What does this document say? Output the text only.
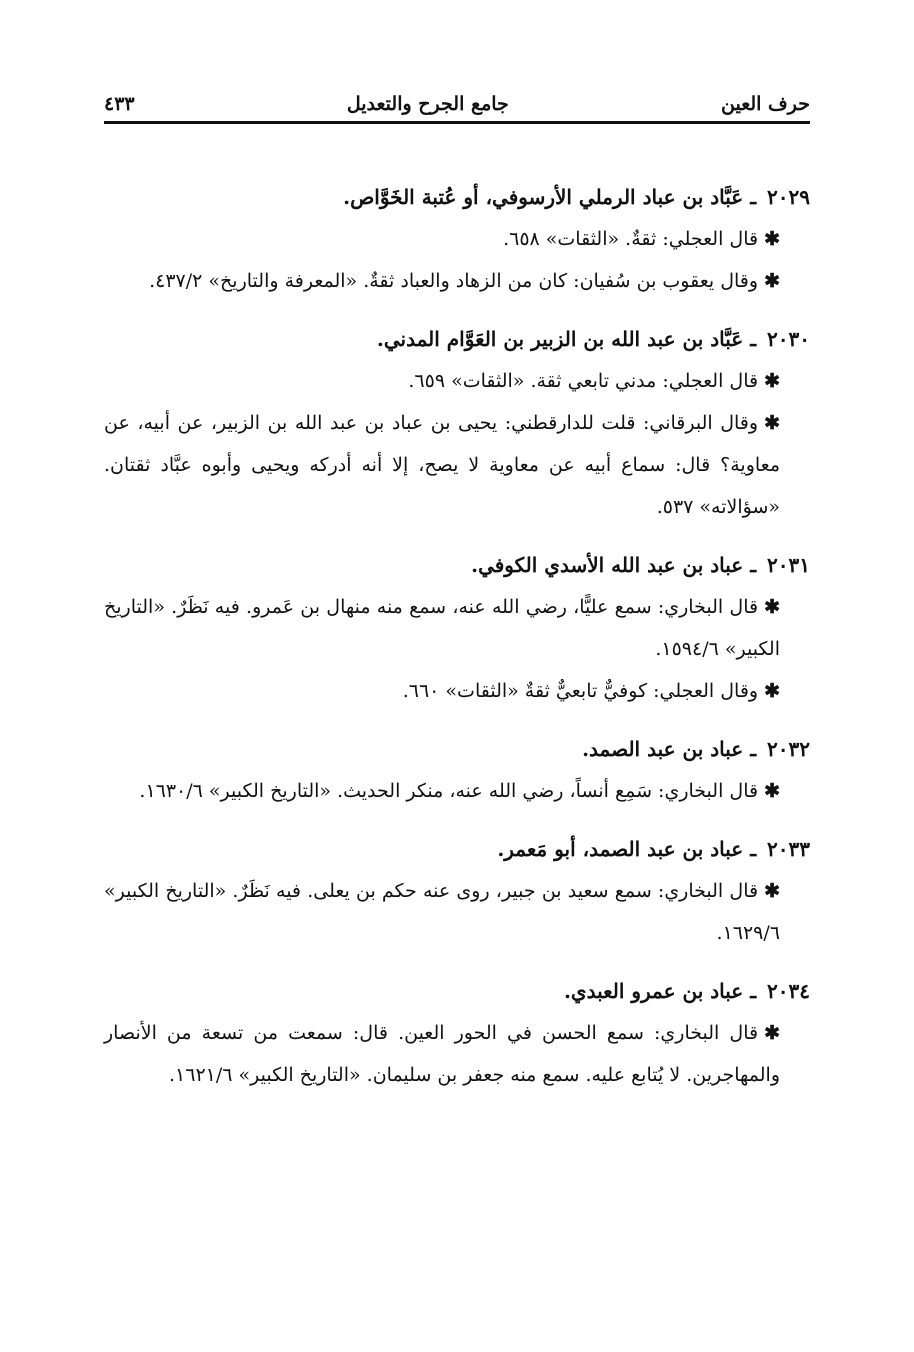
حرف العين
جامع الجرح والتعديل
٤٣٣
٢٠٢٩ ـ عَبَّاد بن عباد الرملي الأرسوفي، أو عُتبة الخَوَّاص.

✱قال العجلي: ثقةٌ. «الثقات» ٦٥٨.

✱وقال يعقوب بن سُفيان: كان من الزهاد والعباد ثقةٌ. «المعرفة والتاريخ» ٤٣٧/٢.

٢٠٣٠ ـ عَبَّاد بن عبد الله بن الزبير بن العَوَّام المدني.

✱قال العجلي: مدني تابعي ثقة. «الثقات» ٦٥٩.

✱وقال البرقاني: قلت للدارقطني: يحيى بن عباد بن عبد الله بن الزبير، عن أبيه، عن معاوية؟ قال: سماع أبيه عن معاوية لا يصح، إلا أنه أدركه ويحيى وأبوه عبَّاد ثقتان. «سؤالاته» ٥٣٧.

٢٠٣١ ـ عباد بن عبد الله الأسدي الكوفي.

✱قال البخاري: سمع عليًّا، رضي الله عنه، سمع منه منهال بن عَمرو. فيه نَظَرٌ. «التاريخ الكبير» ١٥٩٤/٦.

✱وقال العجلي: كوفيٌّ تابعيٌّ ثقةٌ «الثقات» ٦٦٠.

٢٠٣٢ ـ عباد بن عبد الصمد.

✱قال البخاري: سَمِع أنساً، رضي الله عنه، منكر الحديث. «التاريخ الكبير» ١٦٣٠/٦.

٢٠٣٣ ـ عباد بن عبد الصمد، أبو مَعمر.

✱قال البخاري: سمع سعيد بن جبير، روى عنه حكم بن يعلى. فيه نَظَرٌ. «التاريخ الكبير» ١٦٢٩/٦.

٢٠٣٤ ـ عباد بن عمرو العبدي.

✱قال البخاري: سمع الحسن في الحور العين. قال: سمعت من تسعة من الأنصار والمهاجرين. لا يُتابع عليه. سمع منه جعفر بن سليمان. «التاريخ الكبير» ١٦٢١/٦.
